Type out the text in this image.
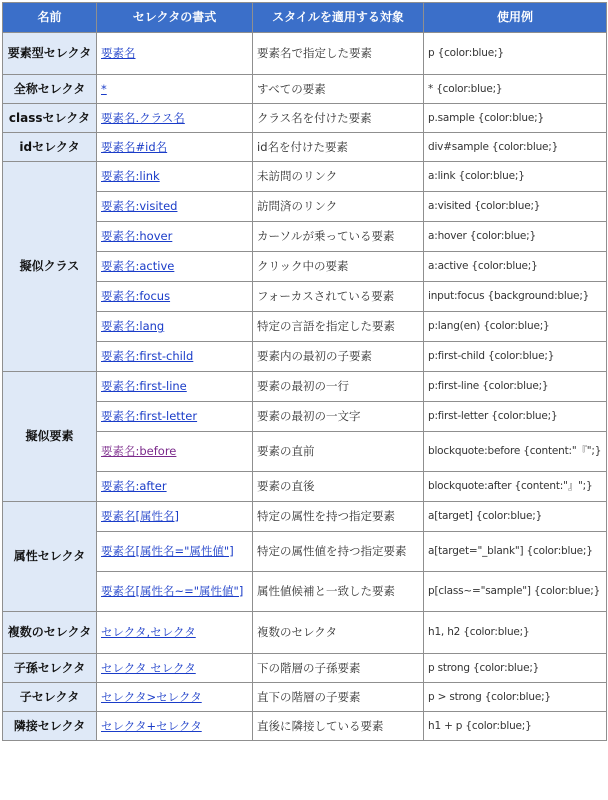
名前	セレクタの書式	スタイルを適用する対象	使用例
要素型セレクタ	要素名	要素名で指定した要素	p {color:blue;}
全称セレクタ	*	すべての要素	* {color:blue;}
classセレクタ	要素名.クラス名	クラス名を付けた要素	p.sample {color:blue;}
idセレクタ	要素名#id名	id名を付けた要素	div#sample {color:blue;}
擬似クラス	要素名:link	未訪問のリンク	a:link {color:blue;}
	要素名:visited	訪問済のリンク	a:visited {color:blue;}
	要素名:hover	カーソルが乗っている要素	a:hover {color:blue;}
	要素名:active	クリック中の要素	a:active {color:blue;}
	要素名:focus	フォーカスされている要素	input:focus {background:blue;}
	要素名:lang	特定の言語を指定した要素	p:lang(en) {color:blue;}
	要素名:first-child	要素内の最初の子要素	p:first-child {color:blue;}
擬似要素	要素名:first-line	要素の最初の一行	p:first-line {color:blue;}
	要素名:first-letter	要素の最初の一文字	p:first-letter {color:blue;}
	要素名:before	要素の直前	blockquote:before {content:"『";}
	要素名:after	要素の直後	blockquote:after {content:"』";}
属性セレクタ	要素名[属性名]	特定の属性を持つ指定要素	a[target] {color:blue;}
	要素名[属性名="属性値"]	特定の属性値を持つ指定要素	a[target="_blank"] {color:blue;}
	要素名[属性名~="属性値"]	属性値候補と一致した要素	p[class~="sample"] {color:blue;}
複数のセレクタ	セレクタ,セレクタ	複数のセレクタ	h1, h2 {color:blue;}
子孫セレクタ	セレクタ セレクタ	下の階層の子孫要素	p strong {color:blue;}
子セレクタ	セレクタ>セレクタ	直下の階層の子要素	p > strong {color:blue;}
隣接セレクタ	セレクタ+セレクタ	直後に隣接している要素	h1 + p {color:blue;}
